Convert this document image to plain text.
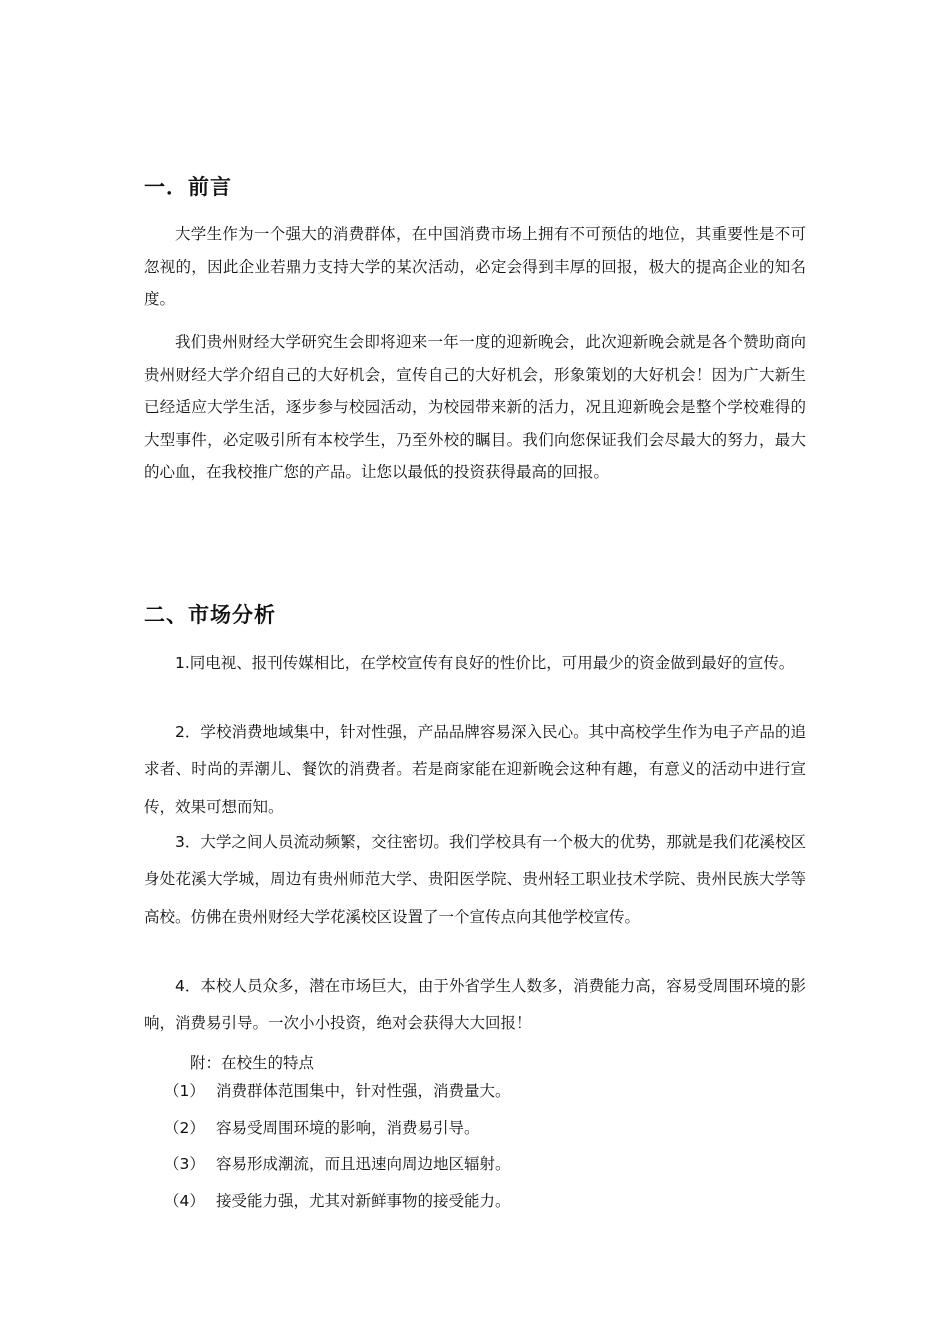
一．前言

大学生作为一个强大的消费群体，在中国消费市场上拥有不可预估的地位，其重要性是不可忽视的，因此企业若鼎力支持大学的某次活动，必定会得到丰厚的回报，极大的提高企业的知名度。

我们贵州财经大学研究生会即将迎来一年一度的迎新晚会，此次迎新晚会就是各个赞助商向贵州财经大学介绍自己的大好机会，宣传自己的大好机会，形象策划的大好机会！因为广大新生已经适应大学生活，逐步参与校园活动，为校园带来新的活力，况且迎新晚会是整个学校难得的大型事件，必定吸引所有本校学生，乃至外校的瞩目。我们向您保证我们会尽最大的努力，最大的心血，在我校推广您的产品。让您以最低的投资获得最高的回报。

二、市场分析

1.同电视、报刊传媒相比，在学校宣传有良好的性价比，可用最少的资金做到最好的宣传。

2．学校消费地域集中，针对性强，产品品牌容易深入民心。其中高校学生作为电子产品的追求者、时尚的弄潮儿、餐饮的消费者。若是商家能在迎新晚会这种有趣，有意义的活动中进行宣传，效果可想而知。

3．大学之间人员流动频繁，交往密切。我们学校具有一个极大的优势，那就是我们花溪校区身处花溪大学城，周边有贵州师范大学、贵阳医学院、贵州轻工职业技术学院、贵州民族大学等高校。仿佛在贵州财经大学花溪校区设置了一个宣传点向其他学校宣传。

4．本校人员众多，潜在市场巨大，由于外省学生人数多，消费能力高，容易受周围环境的影响，消费易引导。一次小小投资，绝对会获得大大回报！

附：在校生的特点
（1） 消费群体范围集中，针对性强，消费量大。
（2） 容易受周围环境的影响，消费易引导。
（3） 容易形成潮流，而且迅速向周边地区辐射。
（4） 接受能力强，尤其对新鲜事物的接受能力。
